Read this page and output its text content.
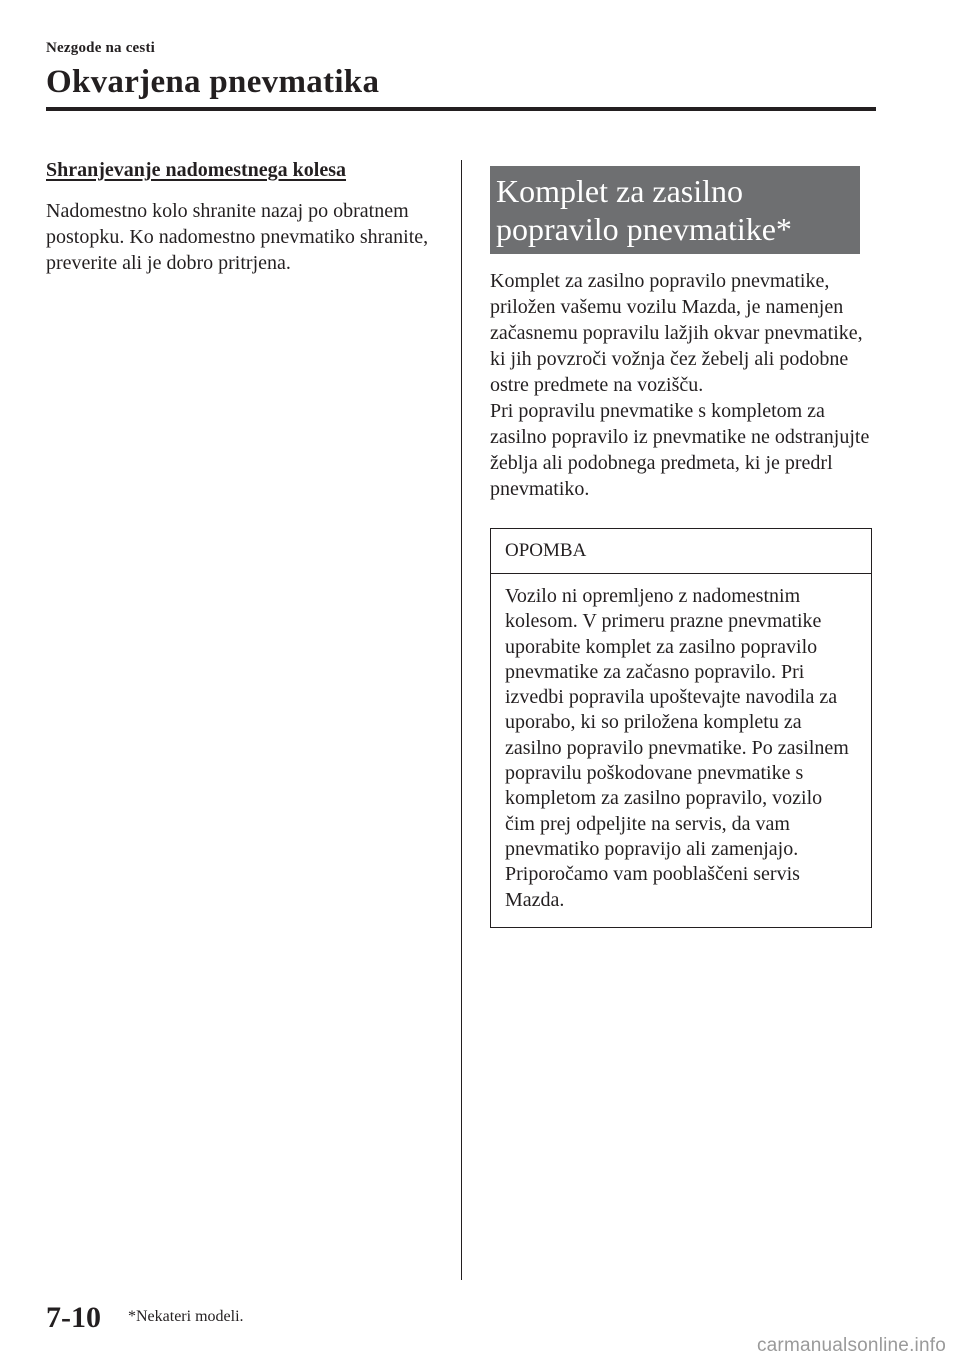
Nezgode na cesti
Okvarjena pnevmatika
Shranjevanje nadomestnega kolesa

Nadomestno kolo shranite nazaj po obratnem postopku. Ko nadomestno pnevmatiko shranite, preverite ali je dobro pritrjena.

Komplet za zasilno
popravilo pnevmatike*

Komplet za zasilno popravilo pnevmatike, priložen vašemu vozilu Mazda, je namenjen začasnemu popravilu lažjih okvar pnevmatike, ki jih povzroči vožnja čez žebelj ali podobne ostre predmete na vozišču.
Pri popravilu pnevmatike s kompletom za zasilno popravilo iz pnevmatike ne odstranjujte žeblja ali podobnega predmeta, ki je predrl pnevmatiko.

OPOMBA

Vozilo ni opremljeno z nadomestnim kolesom. V primeru prazne pnevmatike uporabite komplet za zasilno popravilo pnevmatike za začasno popravilo. Pri izvedbi popravila upoštevajte navodila za uporabo, ki so priložena kompletu za zasilno popravilo pnevmatike. Po zasilnem popravilu poškodovane pnevmatike s kompletom za zasilno popravilo, vozilo čim prej odpeljite na servis, da vam pnevmatiko popravijo ali zamenjajo. Priporočamo vam pooblaščeni servis Mazda.

7-10 *Nekateri modeli.
carmanualsonline.info
